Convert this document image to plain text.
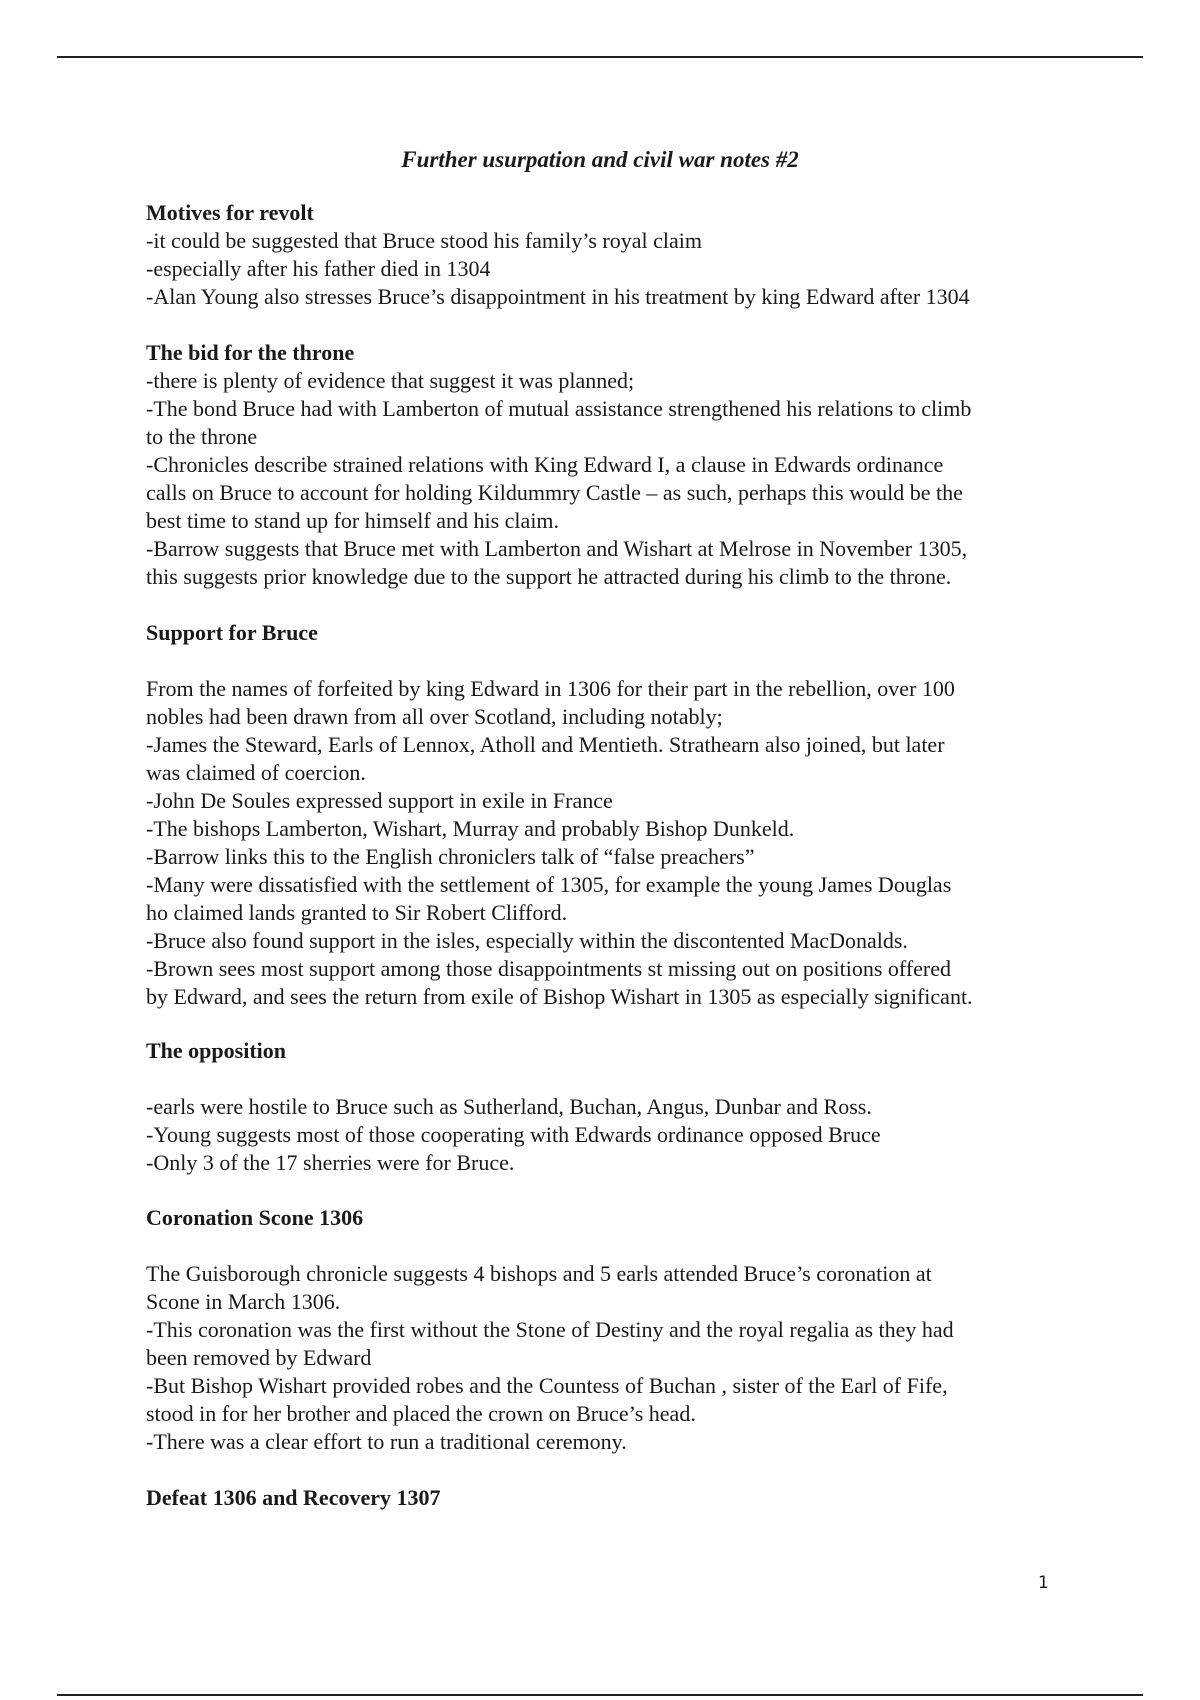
Further usurpation and civil war notes #2

Motives for revolt

-it could be suggested that Bruce stood his family’s royal claim

-especially after his father died in 1304

-Alan Young also stresses Bruce’s disappointment in his treatment by king Edward after 1304

The bid for the throne

-there is plenty of evidence that suggest it was planned;

-The bond Bruce had with Lamberton of mutual assistance strengthened his relations to climb

to the throne

-Chronicles describe strained relations with King Edward I, a clause in Edwards ordinance

calls on Bruce to account for holding Kildummry Castle – as such, perhaps this would be the

best time to stand up for himself and his claim.

-Barrow suggests that Bruce met with Lamberton and Wishart at Melrose in November 1305,

this suggests prior knowledge due to the support he attracted during his climb to the throne.

Support for Bruce

From the names of forfeited by king Edward in 1306 for their part in the rebellion, over 100

nobles had been drawn from all over Scotland, including notably;

-James the Steward, Earls of Lennox, Atholl and Mentieth. Strathearn also joined, but later

was claimed of coercion.

-John De Soules expressed support in exile in France

-The bishops Lamberton, Wishart, Murray and probably Bishop Dunkeld.

-Barrow links this to the English chroniclers talk of “false preachers”

-Many were dissatisfied with the settlement of 1305, for example the young James Douglas

ho claimed lands granted to Sir Robert Clifford.

-Bruce also found support in the isles, especially within the discontented MacDonalds.

-Brown sees most support among those disappointments st missing out on positions offered

by Edward, and sees the return from exile of Bishop Wishart in 1305 as especially significant.

The opposition

-earls were hostile to Bruce such as Sutherland, Buchan, Angus, Dunbar and Ross.

-Young suggests most of those cooperating with Edwards ordinance opposed Bruce

-Only 3 of the 17 sherries were for Bruce.

Coronation Scone 1306

The Guisborough chronicle suggests 4 bishops and 5 earls attended Bruce’s coronation at

Scone in March 1306.

-This coronation was the first without the Stone of Destiny and the royal regalia as they had

been removed by Edward

-But Bishop Wishart provided robes and the Countess of Buchan , sister of the Earl of Fife,

stood in for her brother and placed the crown on Bruce’s head.

-There was a clear effort to run a traditional ceremony.

Defeat 1306 and Recovery 1307

1
